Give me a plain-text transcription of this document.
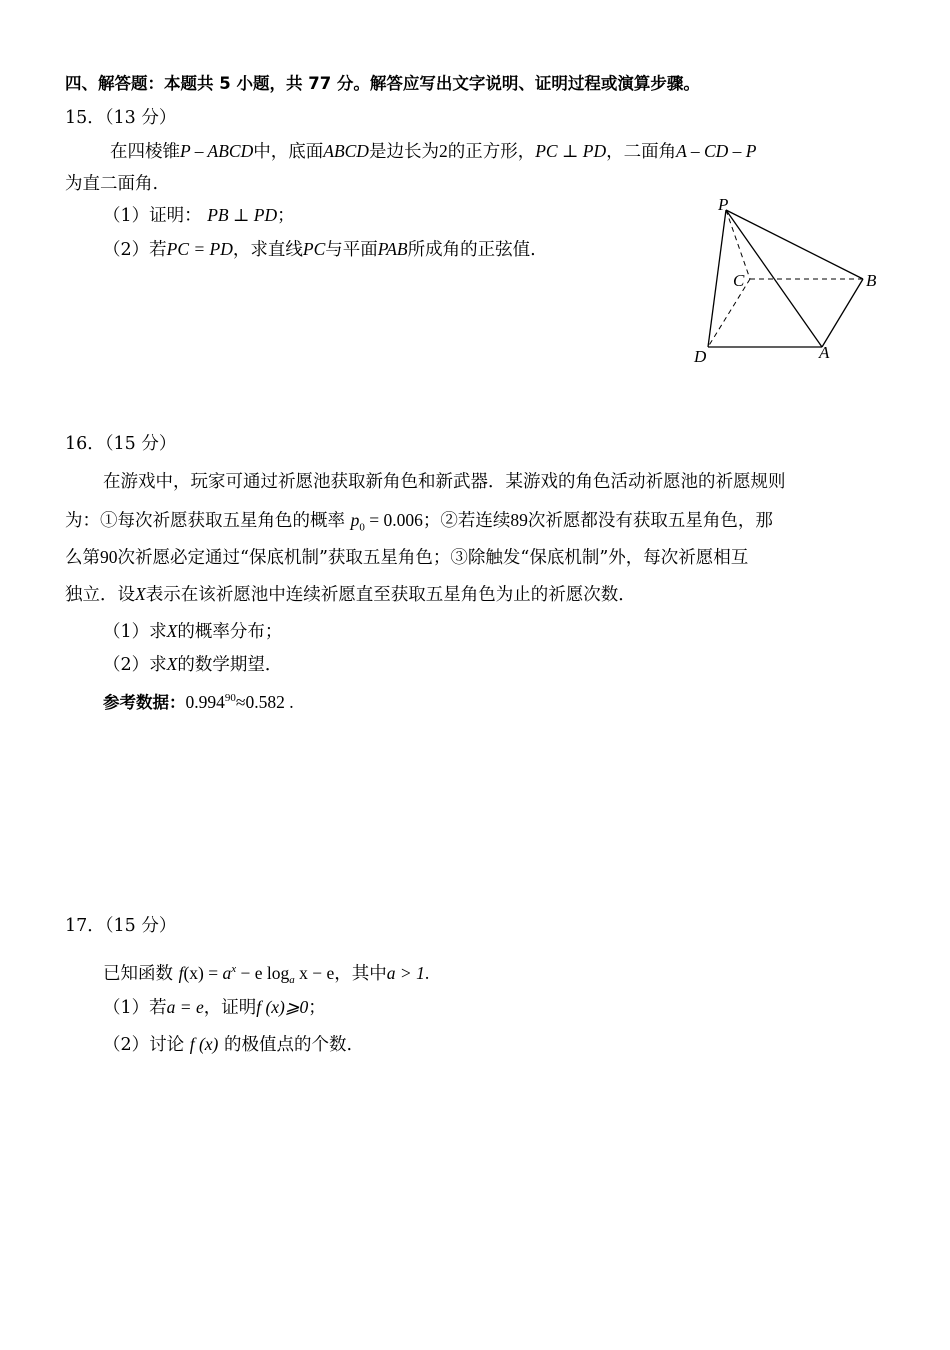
四、解答题：本题共 5 小题，共 77 分。解答应写出文字说明、证明过程或演算步骤。
15．（13 分）
在四棱锥P – ABCD中，底面ABCD是边长为2的正方形，PC ⊥ PD，二面角A – CD – P
为直二面角.
（1）证明： PB ⊥ PD；
（2）若PC = PD，求直线PC与平面PAB所成角的正弦值.
P
C	B
D	A
16．（15 分）
在游戏中，玩家可通过祈愿池获取新角色和新武器．某游戏的角色活动祈愿池的祈愿规则
为：①每次祈愿获取五星角色的概率 $p_0 = 0.006$；②若连续89次祈愿都没有获取五星角色，那
么第90次祈愿必定通过“保底机制”获取五星角色；③除触发“保底机制”外，每次祈愿相互
独立．设X表示在该祈愿池中连续祈愿直至获取五星角色为止的祈愿次数．
（1）求X的概率分布；
（2）求X的数学期望．
参考数据：$0.994^{90}\approx 0.582$ .
17．（15 分）
已知函数 $f(x) = a^x - e$ $\log_a x - e$，其中a > 1.
（1）若a = e，证明f (x)⩾0；
（2）讨论 f (x) 的极值点的个数.
